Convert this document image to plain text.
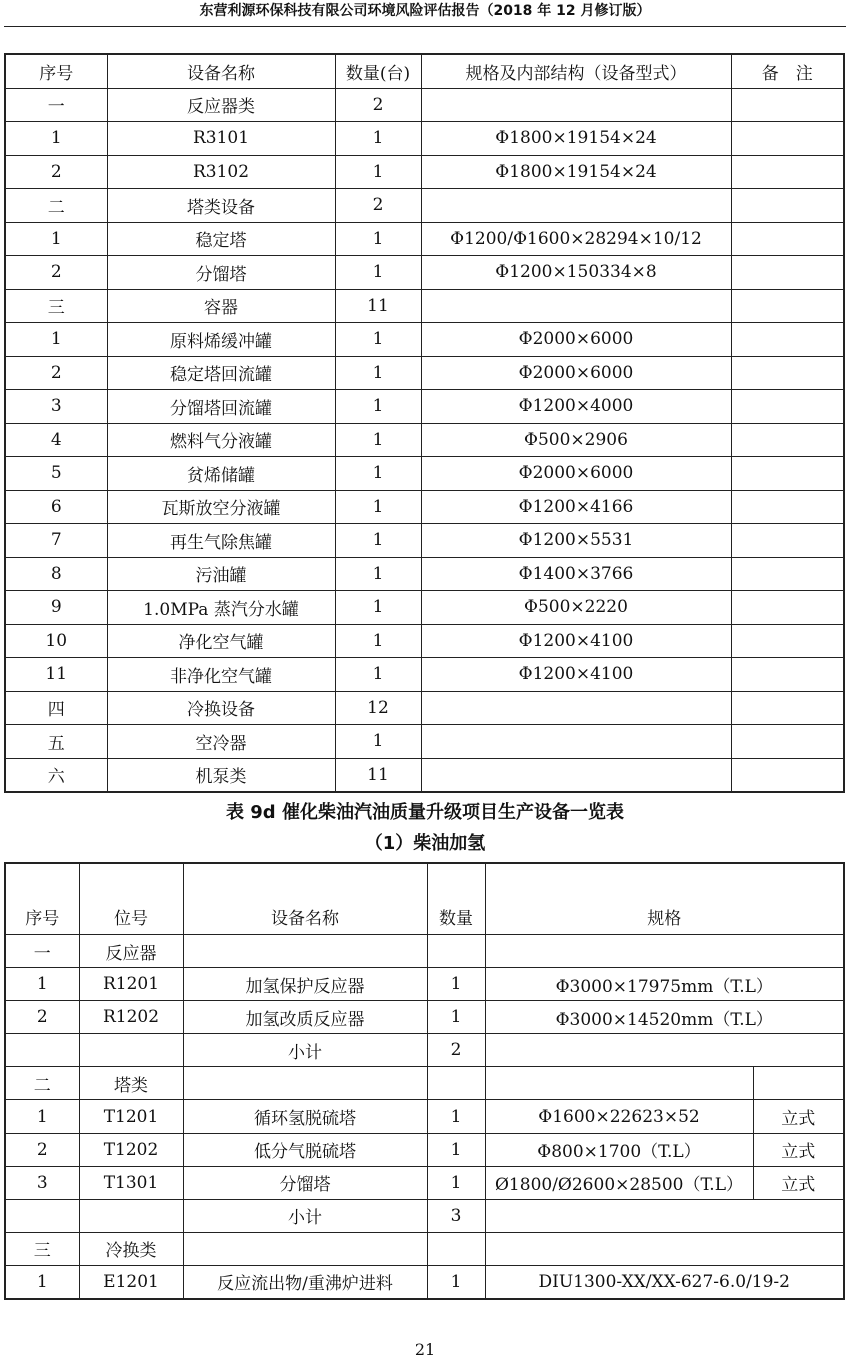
东营利源环保科技有限公司环境风险评估报告（2018 年 12 月修订版）
序号	设备名称	数量(台)	规格及内部结构（设备型式）	备　注
一	反应器类	2		
1	R3101	1	Φ1800×19154×24	
2	R3102	1	Φ1800×19154×24	
二	塔类设备	2		
1	稳定塔	1	Φ1200/Φ1600×28294×10/12	
2	分馏塔	1	Φ1200×150334×8	
三	容器	11		
1	原料烯缓冲罐	1	Φ2000×6000	
2	稳定塔回流罐	1	Φ2000×6000	
3	分馏塔回流罐	1	Φ1200×4000	
4	燃料气分液罐	1	Φ500×2906	
5	贫烯储罐	1	Φ2000×6000	
6	瓦斯放空分液罐	1	Φ1200×4166	
7	再生气除焦罐	1	Φ1200×5531	
8	污油罐	1	Φ1400×3766	
9	1.0MPa 蒸汽分水罐	1	Φ500×2220	
10	净化空气罐	1	Φ1200×4100	
11	非净化空气罐	1	Φ1200×4100	
四	冷换设备	12		
五	空冷器	1		
六	机泵类	11		
表 9d 催化柴油汽油质量升级项目生产设备一览表
（1）柴油加氢
序号	位号	设备名称	数量	规格	
一	反应器				
1	R1201	加氢保护反应器	1	Φ3000×17975mm（T.L）	
2	R1202	加氢改质反应器	1	Φ3000×14520mm（T.L）	
		小计	2		
二	塔类				
1	T1201	循环氢脱硫塔	1	Φ1600×22623×52	立式
2	T1202	低分气脱硫塔	1	Φ800×1700（T.L）	立式
3	T1301	分馏塔	1	Ø1800/Ø2600×28500（T.L）	立式
		小计	3		
三	冷换类				
1	E1201	反应流出物/重沸炉进料	1	DIU1300-XX/XX-627-6.0/19-2	
21
